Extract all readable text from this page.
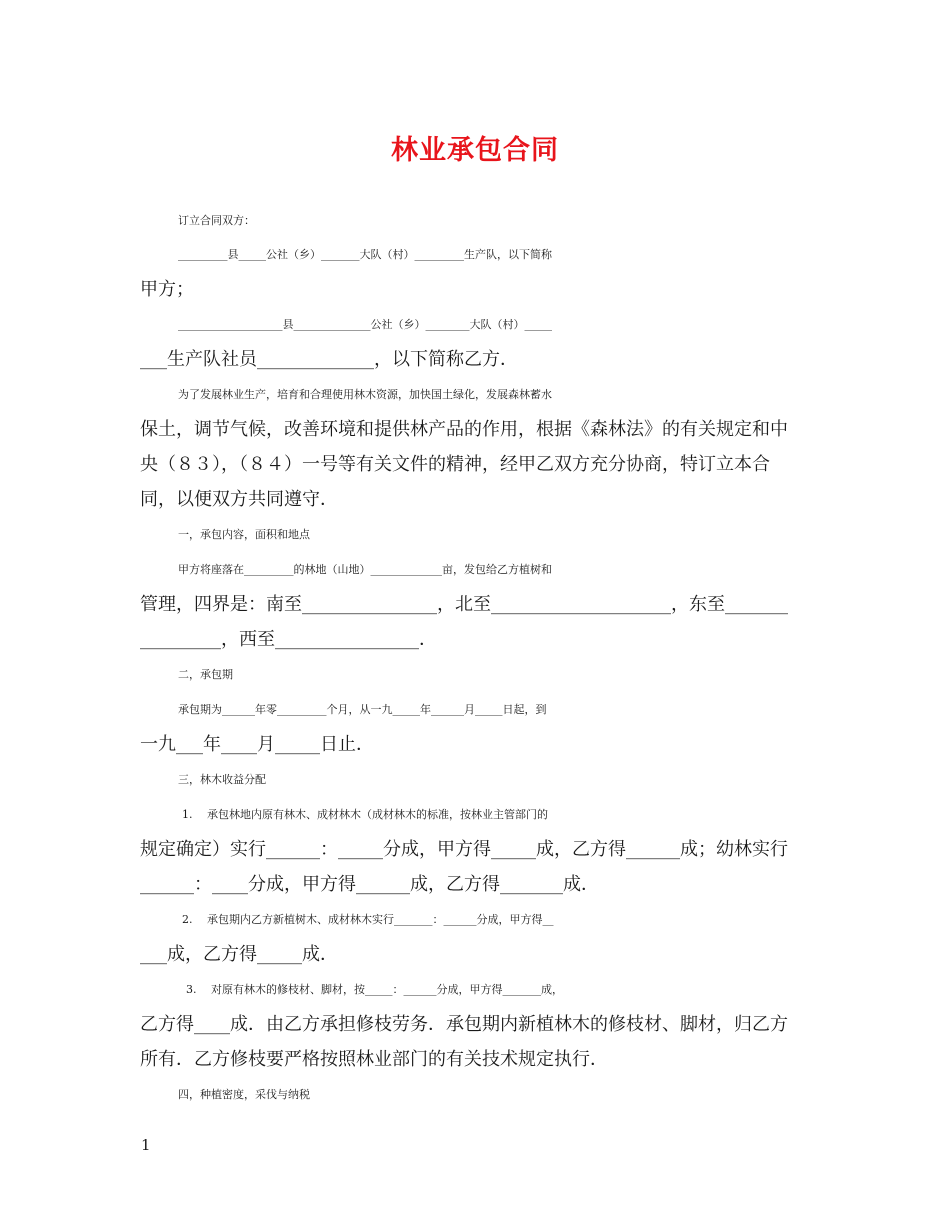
林业承包合同
订立合同双方：
_________县_____公社（乡）_______大队（村）_________生产队，以下简称
甲方；
___________________县______________公社（乡）________大队（村）_____
___生产队社员_____________，以下简称乙方．
为了发展林业生产，培育和合理使用林木资源，加快国土绿化，发展森林蓄水
保土，调节气候，改善环境和提供林产品的作用，根据《森林法》的有关规定和中
央（８３），（８４）一号等有关文件的精神，经甲乙双方充分协商，特订立本合
同，以便双方共同遵守．
一，承包内容，面积和地点
甲方将座落在_________的林地（山地）_____________亩，发包给乙方植树和
管理，四界是：南至_______________，北至____________________，东至_______
_________，西至________________．
二，承包期
承包期为______年零_________个月，从一九_____年______月_____日起，到
一九___年____月_____日止．
三，林木收益分配
1.　 承包林地内原有林木、成材林木（成材林木的标准，按林业主管部门的
规定确定）实行______：_____分成，甲方得_____成，乙方得______成；幼林实行
______：____分成，甲方得______成，乙方得_______成．
2.　 承包期内乙方新植树木、成材林木实行_______：______分成，甲方得__
___成，乙方得_____成．
3.　 对原有林木的修枝材、脚材，按_____：______分成，甲方得_______成，
乙方得____成．由乙方承担修枝劳务．承包期内新植林木的修枝材、脚材，归乙方
所有．乙方修枝要严格按照林业部门的有关技术规定执行．
四，种植密度，采伐与纳税
1
